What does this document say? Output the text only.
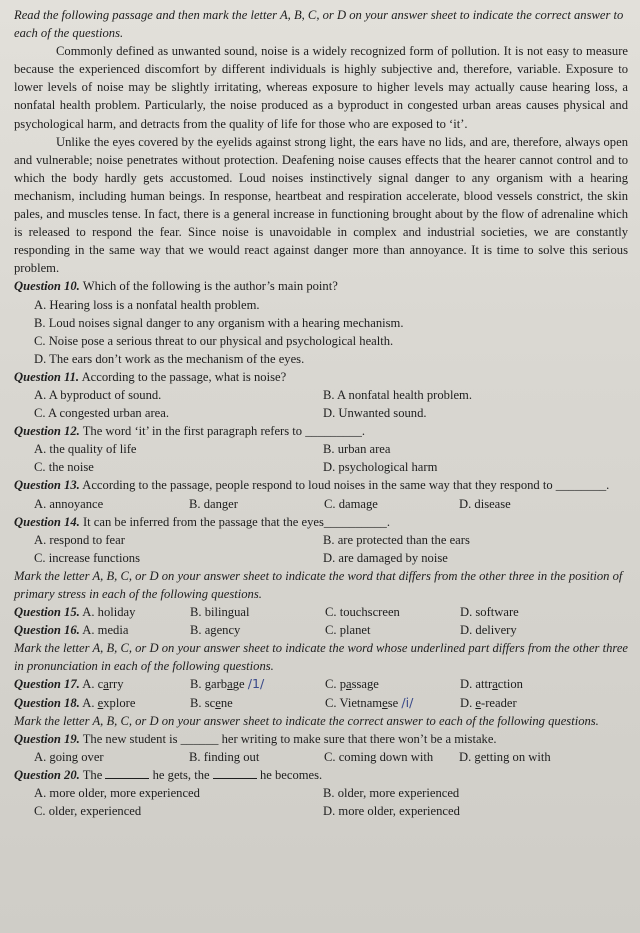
Read the following passage and then mark the letter A, B, C, or D on your answer sheet to indicate the correct answer to each of the questions.

Commonly defined as unwanted sound, noise is a widely recognized form of pollution. It is not easy to measure because the experienced discomfort by different individuals is highly subjective and, therefore, variable. Exposure to lower levels of noise may be slightly irritating, whereas exposure to higher levels may actually cause hearing loss, a nonfatal health problem. Particularly, the noise produced as a byproduct in congested urban areas causes physical and psychological harm, and detracts from the quality of life for those who are exposed to ‘it’.

Unlike the eyes covered by the eyelids against strong light, the ears have no lids, and are, therefore, always open and vulnerable; noise penetrates without protection. Deafening noise causes effects that the hearer cannot control and to which the body hardly gets accustomed. Loud noises instinctively signal danger to any organism with a hearing mechanism, including human beings. In response, heartbeat and respiration accelerate, blood vessels constrict, the skin pales, and muscles tense. In fact, there is a general increase in functioning brought about by the flow of adrenaline which is released to respond the fear. Since noise is unavoidable in complex and industrial societies, we are constantly responding in the same way that we would react against danger more than annoyance. It is time to solve this serious problem.

Question 10. Which of the following is the author’s main point?
A. Hearing loss is a nonfatal health problem.
B. Loud noises signal danger to any organism with a hearing mechanism.
C. Noise pose a serious threat to our physical and psychological health.
D. The ears don’t work as the mechanism of the eyes.
Question 11. According to the passage, what is noise?
A. A byproduct of sound.	B. A nonfatal health problem.
C. A congested urban area.	D. Unwanted sound.
Question 12. The word ‘it’ in the first paragraph refers to _________.
A. the quality of life	B. urban area
C. the noise	D. psychological harm
Question 13. According to the passage, people respond to loud noises in the same way that they respond to ________.
A. annoyance	B. danger	C. damage	D. disease
Question 14. It can be inferred from the passage that the eyes__________.
A. respond to fear	B. are protected than the ears
C. increase functions	D. are damaged by noise
Mark the letter A, B, C, or D on your answer sheet to indicate the word that differs from the other three in the position of primary stress in each of the following questions.
Question 15. A. holiday	B. bilingual	C. touchscreen	D. software
Question 16. A. media	B. agency	C. planet	D. delivery
Mark the letter A, B, C, or D on your answer sheet to indicate the word whose underlined part differs from the other three in pronunciation in each of the following questions.
Question 17. A. carry	B. garbage /1/	C. passage	D. attraction
Question 18. A. explore	B. scene	C. Vietnamese /i/	D. e-reader
Mark the letter A, B, C, or D on your answer sheet to indicate the correct answer to each of the following questions.
Question 19. The new student is ______ her writing to make sure that there won’t be a mistake.
A. going over	B. finding out	C. coming down with	D. getting on with
Question 20. The	he gets, the	he becomes.
A. more older, more experienced	B. older, more experienced
C. older, experienced	D. more older, experienced
